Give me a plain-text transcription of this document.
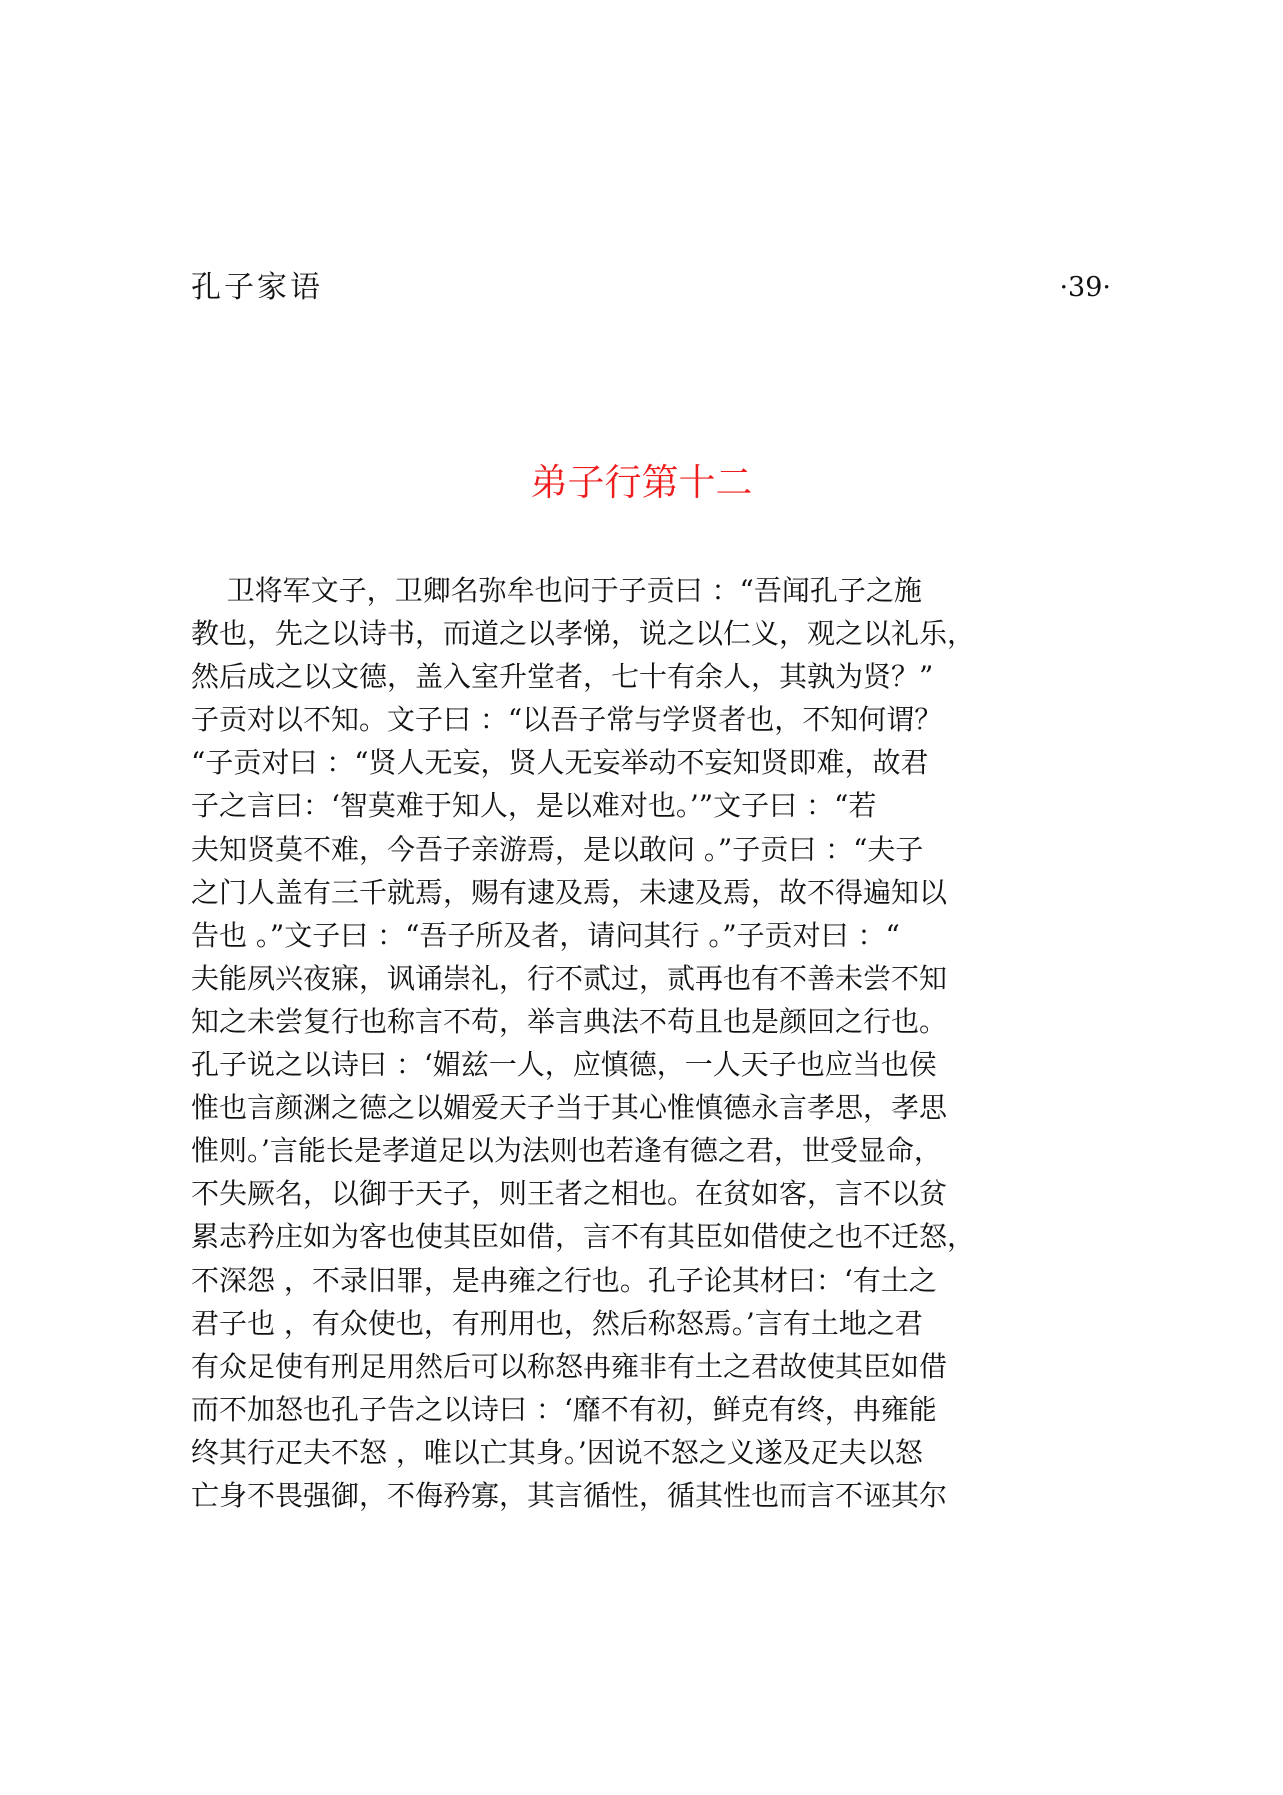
孔子家语	·39·
弟子行第十二
卫将军文子，卫卿名弥牟也问于子贡曰 ：“吾闻孔子之施
教也，先之以诗书，而道之以孝悌，说之以仁义，观之以礼乐，
然后成之以文德，盖入室升堂者，七十有余人，其孰为贤？”
子贡对以不知。文子曰 ：“以吾子常与学贤者也，不知何谓？
“子贡对曰 ：“贤人无妄，贤人无妄举动不妄知贤即难，故君
子之言曰：‘智莫难于知人，是以难对也。’”文子曰 ：“若
夫知贤莫不难，今吾子亲游焉，是以敢问 。”子贡曰 ：“夫子
之门人盖有三千就焉，赐有逮及焉，未逮及焉，故不得遍知以
告也 。”文子曰 ：“吾子所及者，请问其行 。”子贡对曰 ：“
夫能夙兴夜寐，讽诵崇礼，行不贰过，贰再也有不善未尝不知
知之未尝复行也称言不苟，举言典法不苟且也是颜回之行也。
孔子说之以诗曰 ：‘媚兹一人，应慎德，一人天子也应当也侯
惟也言颜渊之德之以媚爱天子当于其心惟慎德永言孝思，孝思
惟则。’言能长是孝道足以为法则也若逢有德之君，世受显命，
不失厥名，以御于天子，则王者之相也。在贫如客，言不以贫
累志矜庄如为客也使其臣如借，言不有其臣如借使之也不迁怒，
不深怨 ，不录旧罪，是冉雍之行也。孔子论其材曰：‘有土之
君子也 ，有众使也，有刑用也，然后称怒焉。’言有土地之君
有众足使有刑足用然后可以称怒冉雍非有土之君故使其臣如借
而不加怒也孔子告之以诗曰 ：‘靡不有初，鲜克有终，冉雍能
终其行疋夫不怒 ，唯以亡其身。’因说不怒之义遂及疋夫以怒
亡身不畏强御，不侮矜寡，其言循性，循其性也而言不诬其尔
